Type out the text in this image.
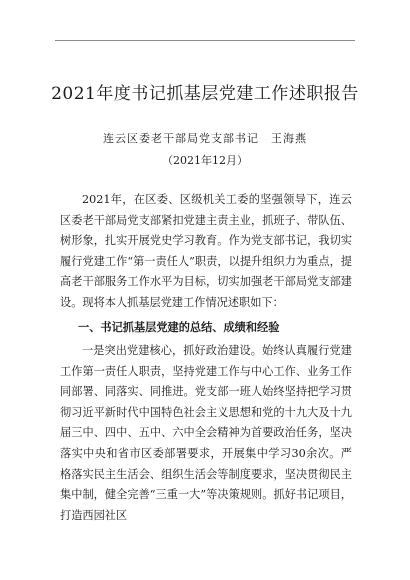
2021年度书记抓基层党建工作述职报告
连云区委老干部局党支部书记　王海燕
（2021年12月）

2021年，在区委、区级机关工委的坚强领导下，连云区委老干部局党支部紧扣党建主责主业，抓班子、带队伍、树形象，扎实开展党史学习教育。作为党支部书记，我切实履行党建工作“第一责任人”职责，以提升组织力为重点，提高老干部服务工作水平为目标，切实加强老干部局党支部建设。现将本人抓基层党建工作情况述职如下：

一、书记抓基层党建的总结、成绩和经验

一是突出党建核心，抓好政治建设。始终认真履行党建工作第一责任人职责，坚持党建工作与中心工作、业务工作同部署、同落实、同推进。党支部一班人始终坚持把学习贯彻习近平新时代中国特色社会主义思想和党的十九大及十九届三中、四中、五中、六中全会精神为首要政治任务，坚决落实中央和省市区委部署要求，开展集中学习30余次。严格落实民主生活会、组织生活会等制度要求，坚决贯彻民主集中制，健全完善“三重一大”等决策规则。抓好书记项目，打造西园社区
